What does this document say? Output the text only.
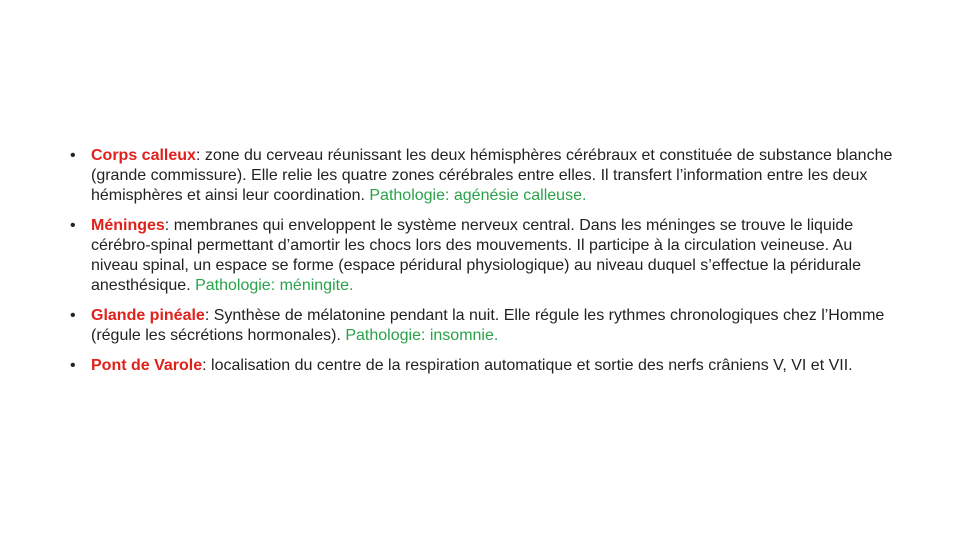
• Corps calleux: zone du cerveau réunissant les deux hémisphères cérébraux et constituée de substance blanche (grande commissure). Elle relie les quatre zones cérébrales entre elles. Il transfert l’information entre les deux hémisphères et ainsi leur coordination. Pathologie: agénésie calleuse.
• Méninges: membranes qui enveloppent le système nerveux central. Dans les méninges se trouve le liquide cérébro-spinal permettant d’amortir les chocs lors des mouvements. Il participe à la circulation veineuse. Au niveau spinal, un espace se forme (espace péridural physiologique) au niveau duquel s’effectue la péridurale anesthésique. Pathologie: méningite.
• Glande pinéale: Synthèse de mélatonine pendant la nuit. Elle régule les rythmes chronologiques chez l’Homme (régule les sécrétions hormonales). Pathologie: insomnie.
• Pont de Varole: localisation du centre de la respiration automatique et sortie des nerfs crâniens V, VI et VII.
